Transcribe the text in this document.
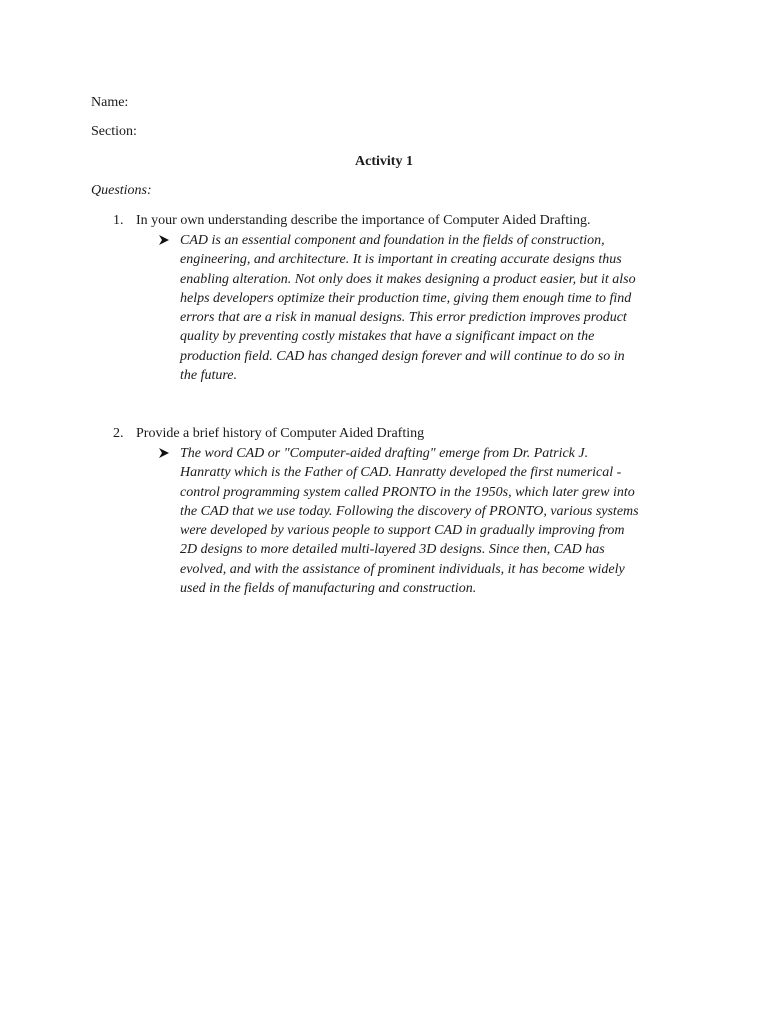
Name:
Section:
Activity 1
Questions:
1. In your own understanding describe the importance of Computer Aided Drafting.
CAD is an essential component and foundation in the fields of construction,
engineering, and architecture. It is important in creating accurate designs thus
enabling alteration. Not only does it makes designing a product easier, but it also
helps developers optimize their production time, giving them enough time to find
errors that are a risk in manual designs. This error prediction improves product
quality by preventing costly mistakes that have a significant impact on the
production field. CAD has changed design forever and will continue to do so in
the future.
2. Provide a brief history of Computer Aided Drafting
The word CAD or "Computer-aided drafting" emerge from Dr. Patrick J.
Hanratty which is the Father of CAD. Hanratty developed the first numerical -
control programming system called PRONTO in the 1950s, which later grew into
the CAD that we use today. Following the discovery of PRONTO, various systems
were developed by various people to support CAD in gradually improving from
2D designs to more detailed multi-layered 3D designs. Since then, CAD has
evolved, and with the assistance of prominent individuals, it has become widely
used in the fields of manufacturing and construction.
